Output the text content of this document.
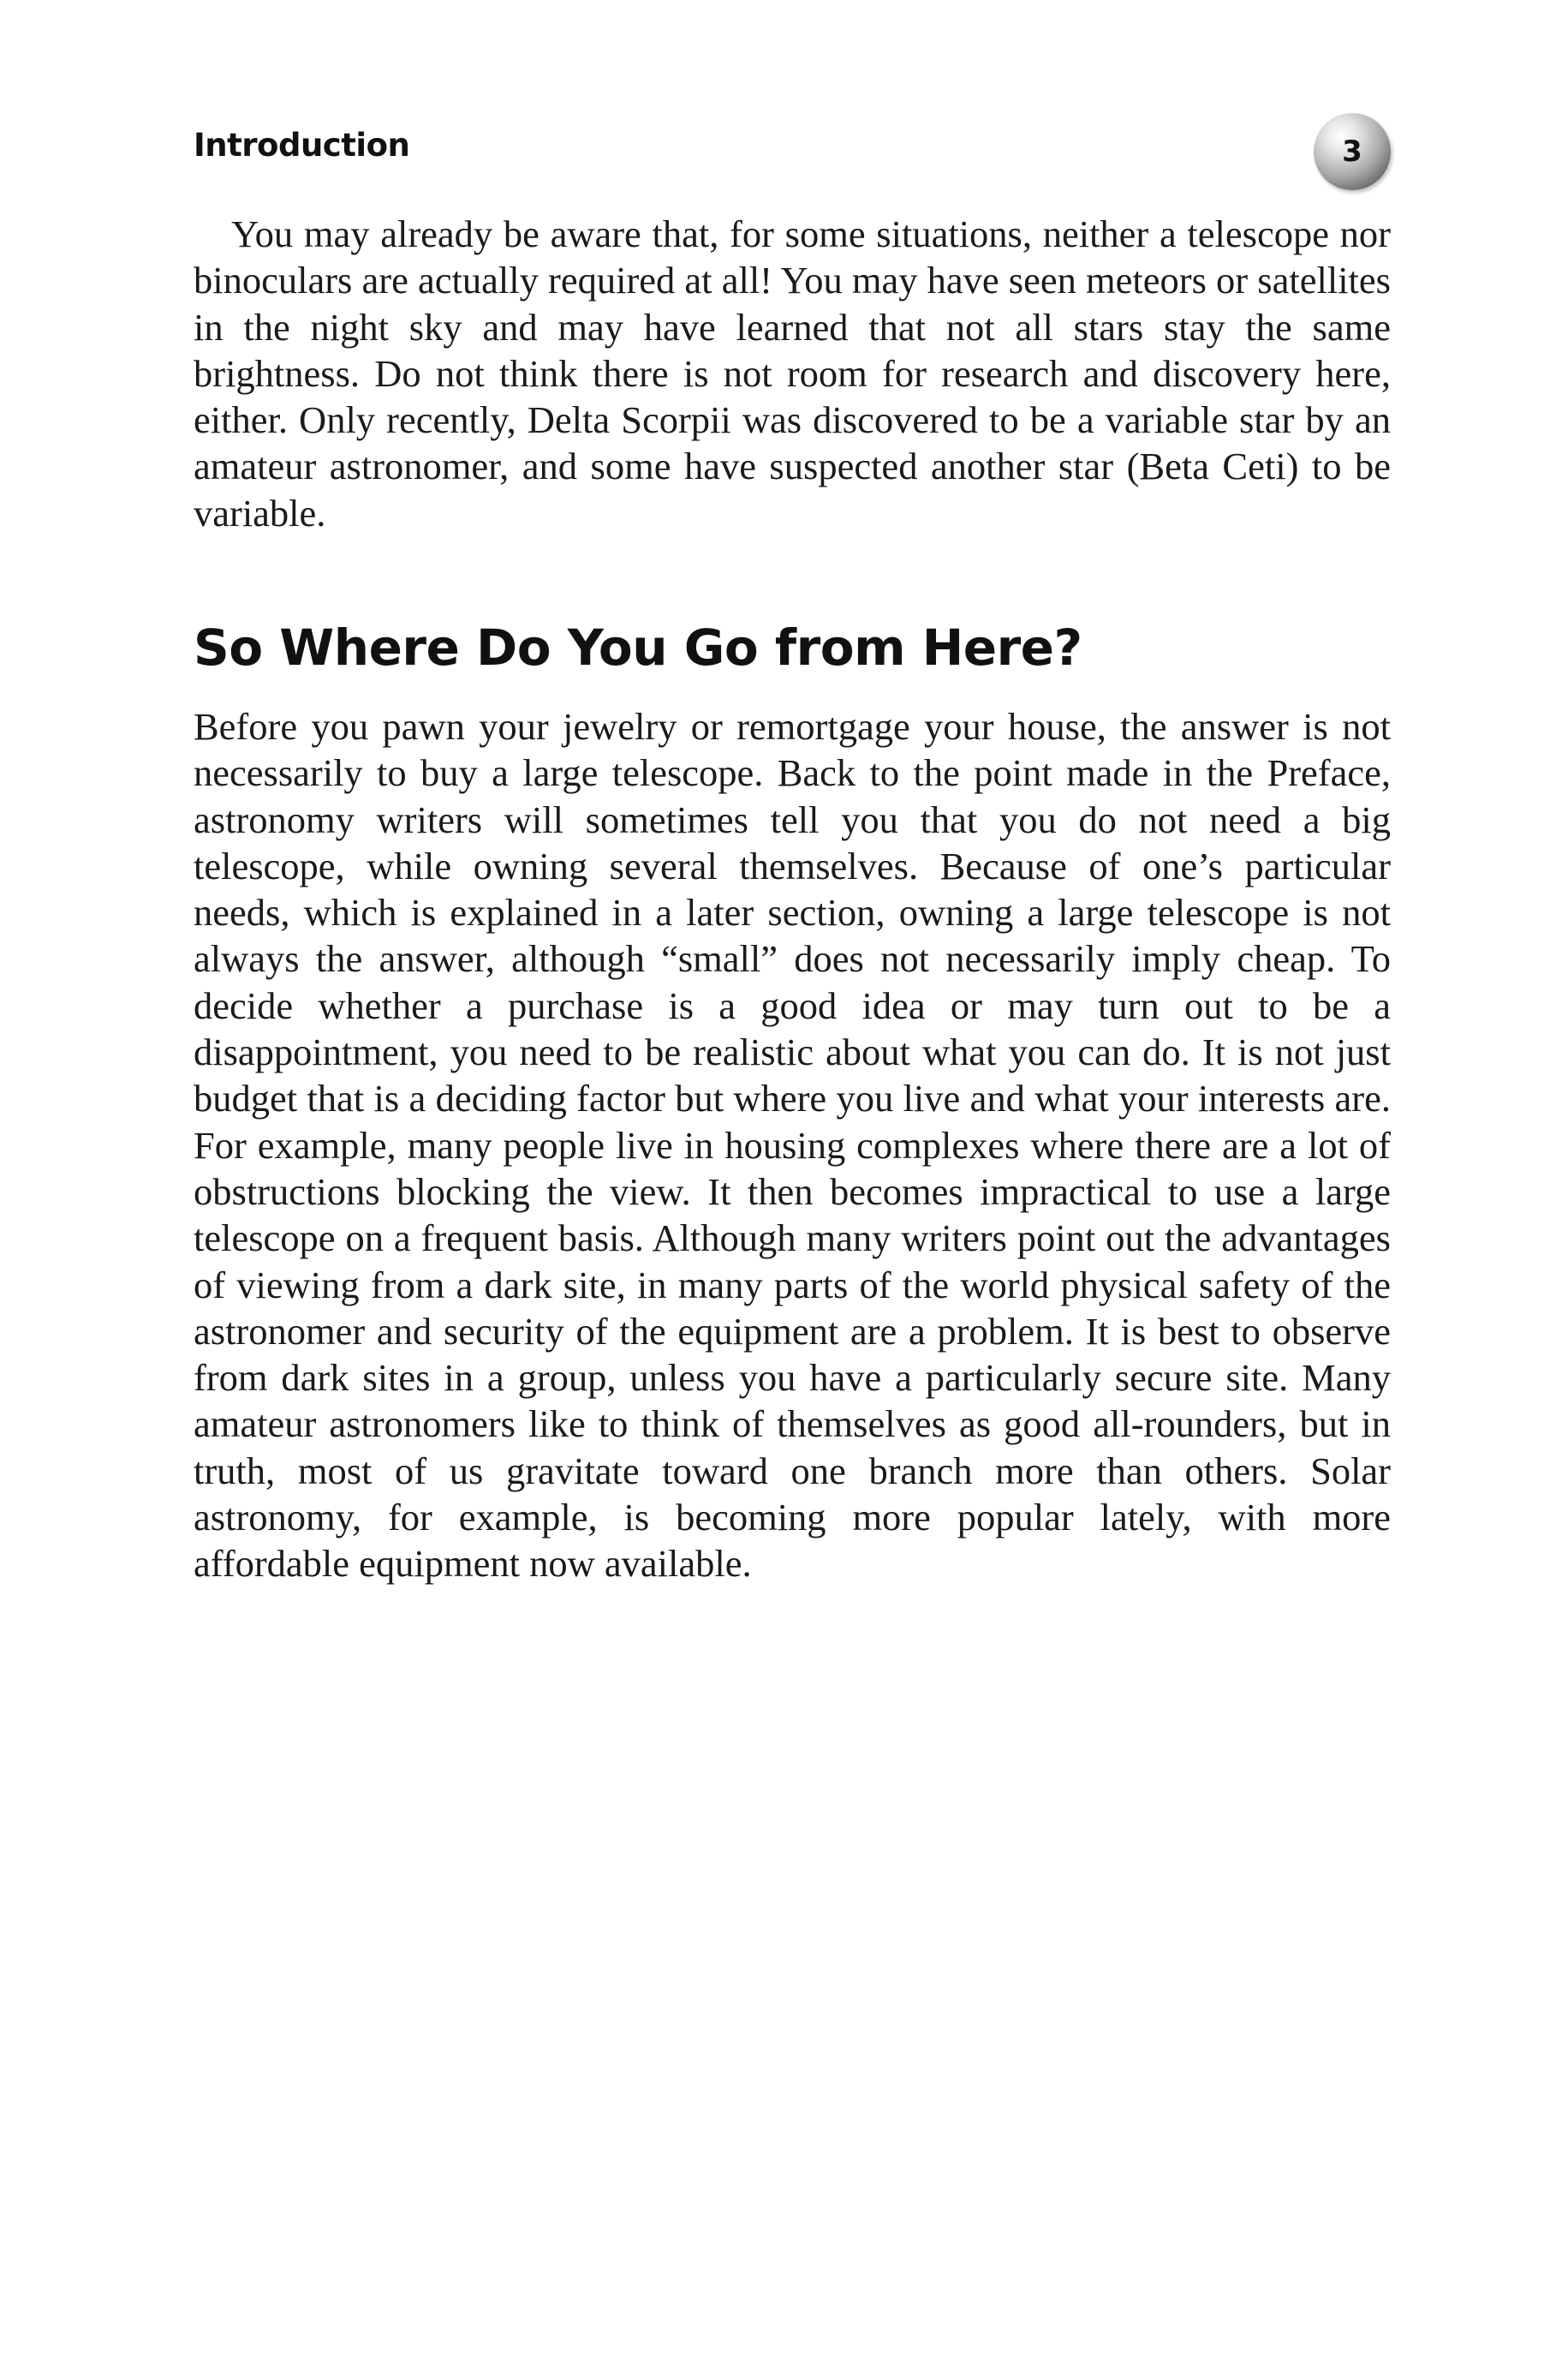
Introduction	3

You may already be aware that, for some situations, neither a telescope nor binoculars are actually required at all! You may have seen meteors or satellites in the night sky and may have learned that not all stars stay the same brightness. Do not think there is not room for research and discovery here, either. Only recently, Delta Scorpii was discovered to be a variable star by an amateur astronomer, and some have suspected another star (Beta Ceti) to be variable.

So Where Do You Go from Here?

Before you pawn your jewelry or remortgage your house, the answer is not necessarily to buy a large telescope. Back to the point made in the Preface, astronomy writers will sometimes tell you that you do not need a big telescope, while owning several themselves. Because of one’s particular needs, which is explained in a later section, owning a large telescope is not always the answer, although “small” does not necessarily imply cheap. To decide whether a purchase is a good idea or may turn out to be a disappointment, you need to be realistic about what you can do. It is not just budget that is a deciding factor but where you live and what your interests are. For example, many people live in housing complexes where there are a lot of obstructions blocking the view. It then becomes impractical to use a large telescope on a frequent basis. Although many writers point out the advantages of viewing from a dark site, in many parts of the world physical safety of the astronomer and security of the equipment are a problem. It is best to observe from dark sites in a group, unless you have a particularly secure site. Many amateur astronomers like to think of themselves as good all-rounders, but in truth, most of us gravitate toward one branch more than others. Solar astronomy, for example, is becoming more popular lately, with more affordable equipment now available.
